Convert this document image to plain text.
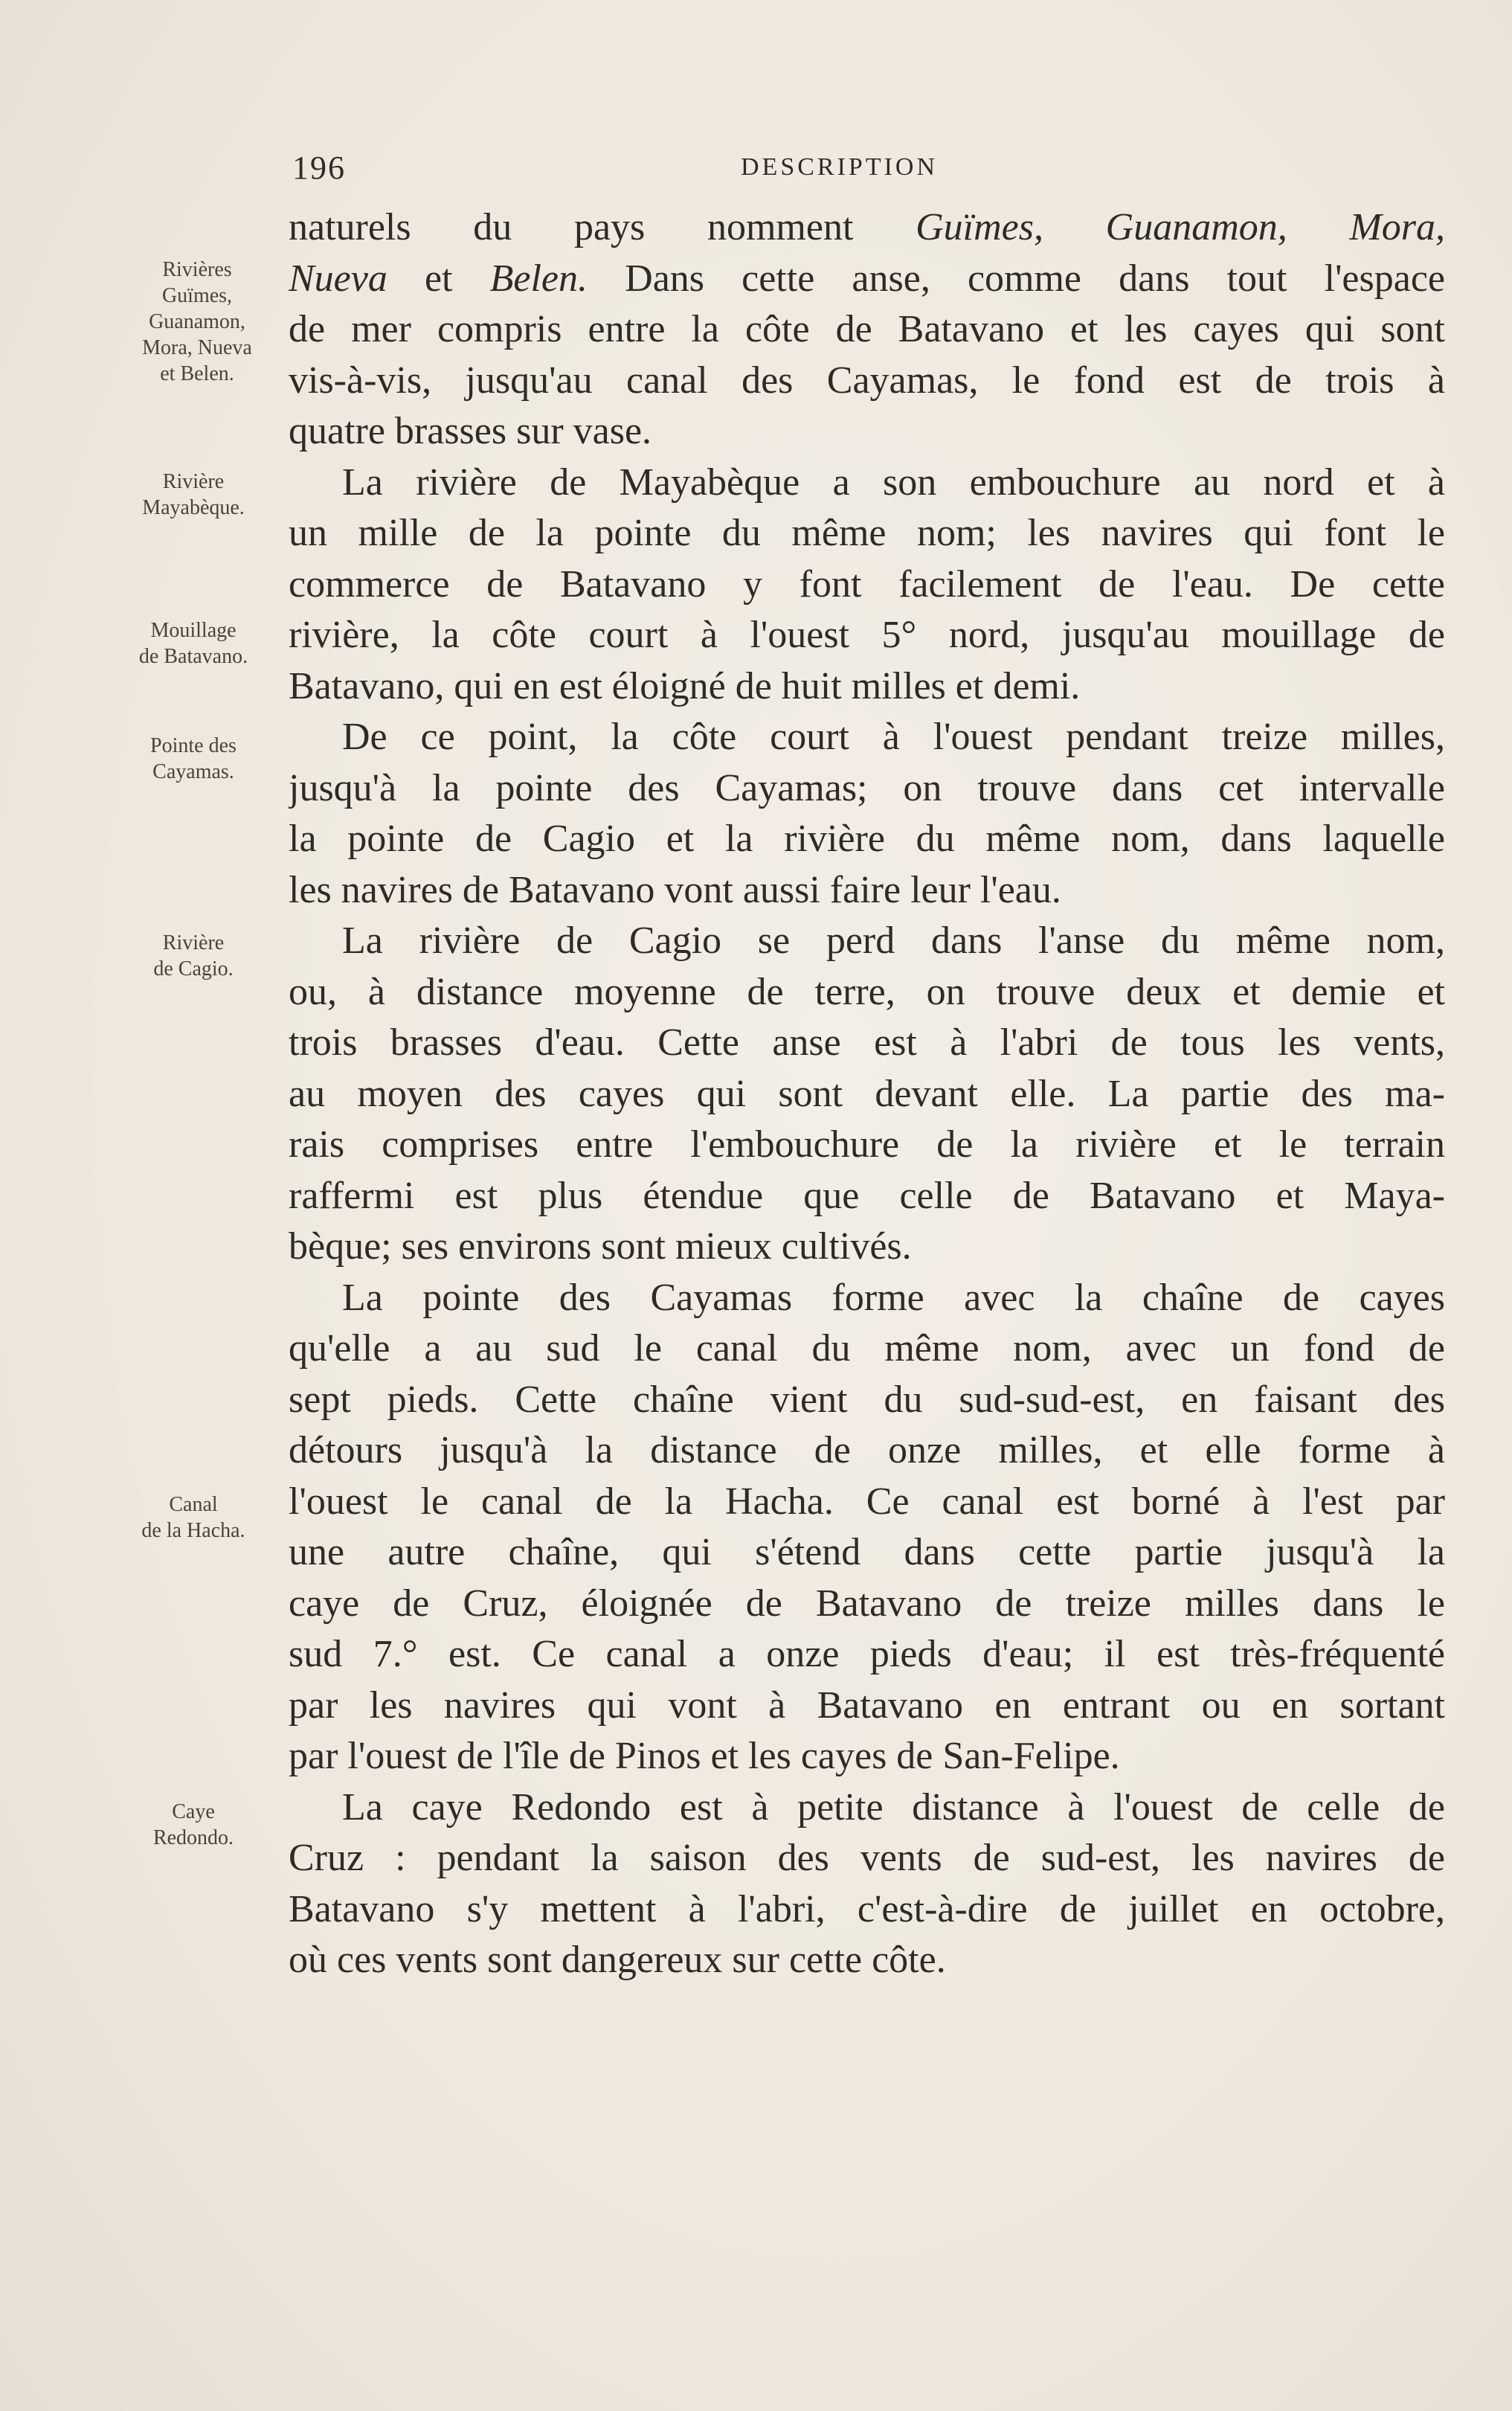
196	DESCRIPTION
Rivières
Guïmes,
Guanamon,
Mora, Nueva
et Belen.
Rivière
Mayabèque.
Mouillage
de Batavano.
Pointe des
Cayamas.
Rivière
de Cagio.
Canal
de la Hacha.
Caye
Redondo.
naturels du pays nomment Guïmes, Guanamon, Mora,
Nueva et Belen. Dans cette anse, comme dans tout l'espace
de mer compris entre la côte de Batavano et les cayes qui sont
vis-à-vis, jusqu'au canal des Cayamas, le fond est de trois à
quatre brasses sur vase.
La rivière de Mayabèque a son embouchure au nord et à
un mille de la pointe du même nom; les navires qui font le
commerce de Batavano y font facilement de l'eau. De cette
rivière, la côte court à l'ouest 5° nord, jusqu'au mouillage de
Batavano, qui en est éloigné de huit milles et demi.
De ce point, la côte court à l'ouest pendant treize milles,
jusqu'à la pointe des Cayamas; on trouve dans cet intervalle
la pointe de Cagio et la rivière du même nom, dans laquelle
les navires de Batavano vont aussi faire leur l'eau.
La rivière de Cagio se perd dans l'anse du même nom,
ou, à distance moyenne de terre, on trouve deux et demie et
trois brasses d'eau. Cette anse est à l'abri de tous les vents,
au moyen des cayes qui sont devant elle. La partie des ma-
rais comprises entre l'embouchure de la rivière et le terrain
raffermi est plus étendue que celle de Batavano et Maya-
bèque; ses environs sont mieux cultivés.
La pointe des Cayamas forme avec la chaîne de cayes
qu'elle a au sud le canal du même nom, avec un fond de
sept pieds. Cette chaîne vient du sud-sud-est, en faisant des
détours jusqu'à la distance de onze milles, et elle forme à
l'ouest le canal de la Hacha. Ce canal est borné à l'est par
une autre chaîne, qui s'étend dans cette partie jusqu'à la
caye de Cruz, éloignée de Batavano de treize milles dans le
sud 7.° est. Ce canal a onze pieds d'eau; il est très-fréquenté
par les navires qui vont à Batavano en entrant ou en sortant
par l'ouest de l'île de Pinos et les cayes de San-Felipe.
La caye Redondo est à petite distance à l'ouest de celle de
Cruz : pendant la saison des vents de sud-est, les navires de
Batavano s'y mettent à l'abri, c'est-à-dire de juillet en octobre,
où ces vents sont dangereux sur cette côte.
